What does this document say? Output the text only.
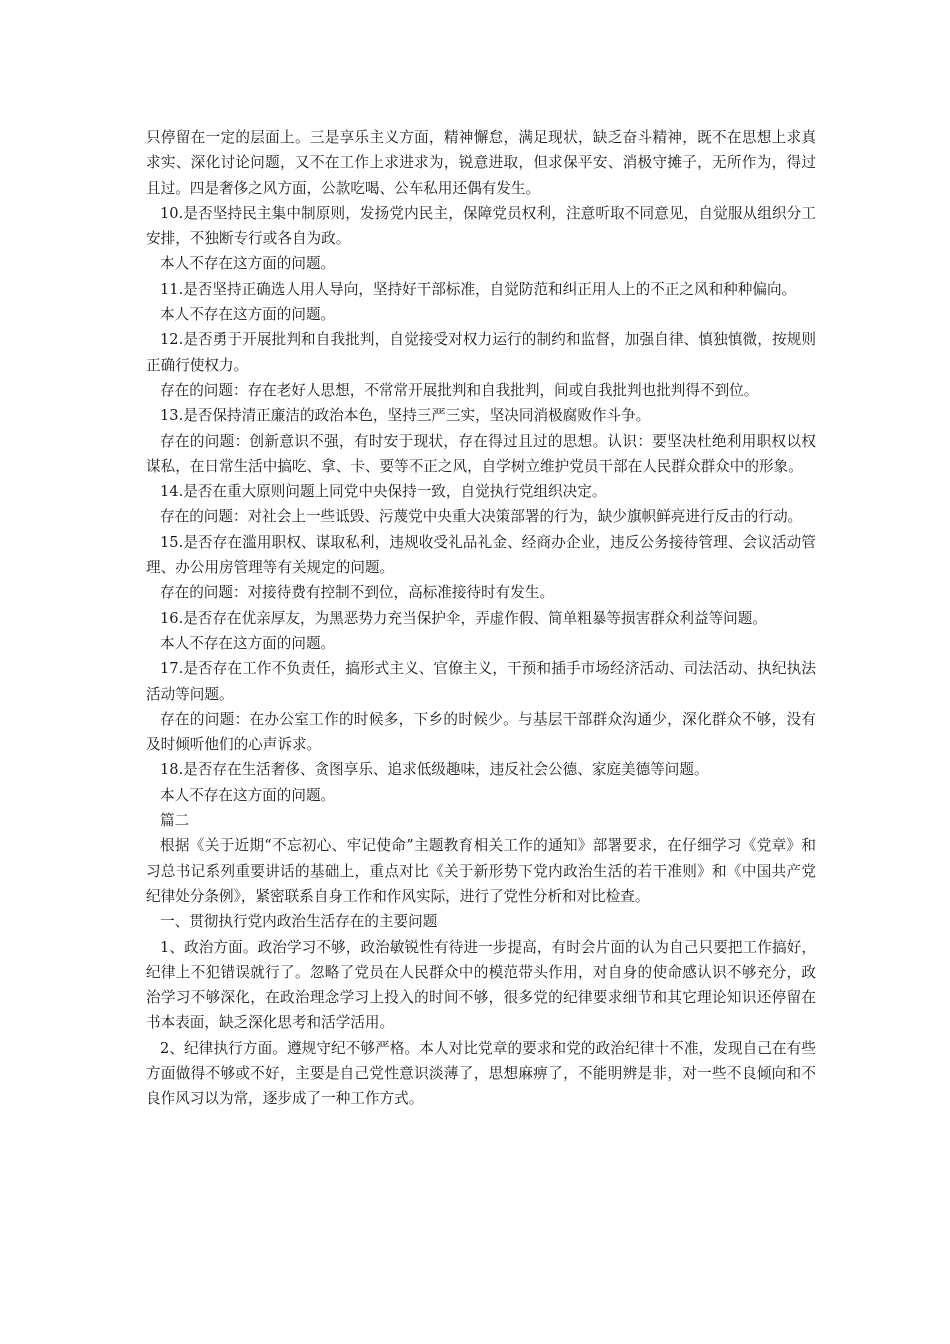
只停留在一定的层面上。三是享乐主义方面，精神懈怠，满足现状，缺乏奋斗精神，既不在思想上求真求实、深化讨论问题，又不在工作上求进求为，锐意进取，但求保平安、消极守摊子，无所作为，得过且过。四是奢侈之风方面，公款吃喝、公车私用还偶有发生。

10.是否坚持民主集中制原则，发扬党内民主，保障党员权利，注意听取不同意见，自觉服从组织分工安排，不独断专行或各自为政。

本人不存在这方面的问题。

11.是否坚持正确选人用人导向，坚持好干部标准，自觉防范和纠正用人上的不正之风和种种偏向。

本人不存在这方面的问题。

12.是否勇于开展批判和自我批判，自觉接受对权力运行的制约和监督，加强自律、慎独慎微，按规则正确行使权力。

存在的问题：存在老好人思想，不常常开展批判和自我批判，间或自我批判也批判得不到位。

13.是否保持清正廉洁的政治本色，坚持三严三实，坚决同消极腐败作斗争。

存在的问题：创新意识不强，有时安于现状，存在得过且过的思想。认识：要坚决杜绝利用职权以权谋私，在日常生活中搞吃、拿、卡、要等不正之风，自学树立维护党员干部在人民群众群众中的形象。

14.是否在重大原则问题上同党中央保持一致，自觉执行党组织决定。

存在的问题：对社会上一些诋毁、污蔑党中央重大决策部署的行为，缺少旗帜鲜亮进行反击的行动。

15.是否存在滥用职权、谋取私利，违规收受礼品礼金、经商办企业，违反公务接待管理、会议活动管理、办公用房管理等有关规定的问题。

存在的问题：对接待费有控制不到位，高标准接待时有发生。

16.是否存在优亲厚友，为黑恶势力充当保护伞，弄虚作假、简单粗暴等损害群众利益等问题。

本人不存在这方面的问题。

17.是否存在工作不负责任，搞形式主义、官僚主义，干预和插手市场经济活动、司法活动、执纪执法活动等问题。

存在的问题：在办公室工作的时候多，下乡的时候少。与基层干部群众沟通少，深化群众不够，没有及时倾听他们的心声诉求。

18.是否存在生活奢侈、贪图享乐、追求低级趣味，违反社会公德、家庭美德等问题。

本人不存在这方面的问题。

篇二

根据《关于近期“不忘初心、牢记使命”主题教育相关工作的通知》部署要求，在仔细学习《党章》和习总书记系列重要讲话的基础上，重点对比《关于新形势下党内政治生活的若干准则》和《中国共产党纪律处分条例》，紧密联系自身工作和作风实际，进行了党性分析和对比检查。

一、贯彻执行党内政治生活存在的主要问题

1、政治方面。政治学习不够，政治敏锐性有待进一步提高，有时会片面的认为自己只要把工作搞好，纪律上不犯错误就行了。忽略了党员在人民群众中的模范带头作用，对自身的使命感认识不够充分，政治学习不够深化，在政治理念学习上投入的时间不够，很多党的纪律要求细节和其它理论知识还停留在书本表面，缺乏深化思考和活学活用。

2、纪律执行方面。遵规守纪不够严格。本人对比党章的要求和党的政治纪律十不准，发现自己在有些方面做得不够或不好，主要是自己党性意识淡薄了，思想麻痹了，不能明辨是非，对一些不良倾向和不良作风习以为常，逐步成了一种工作方式。
